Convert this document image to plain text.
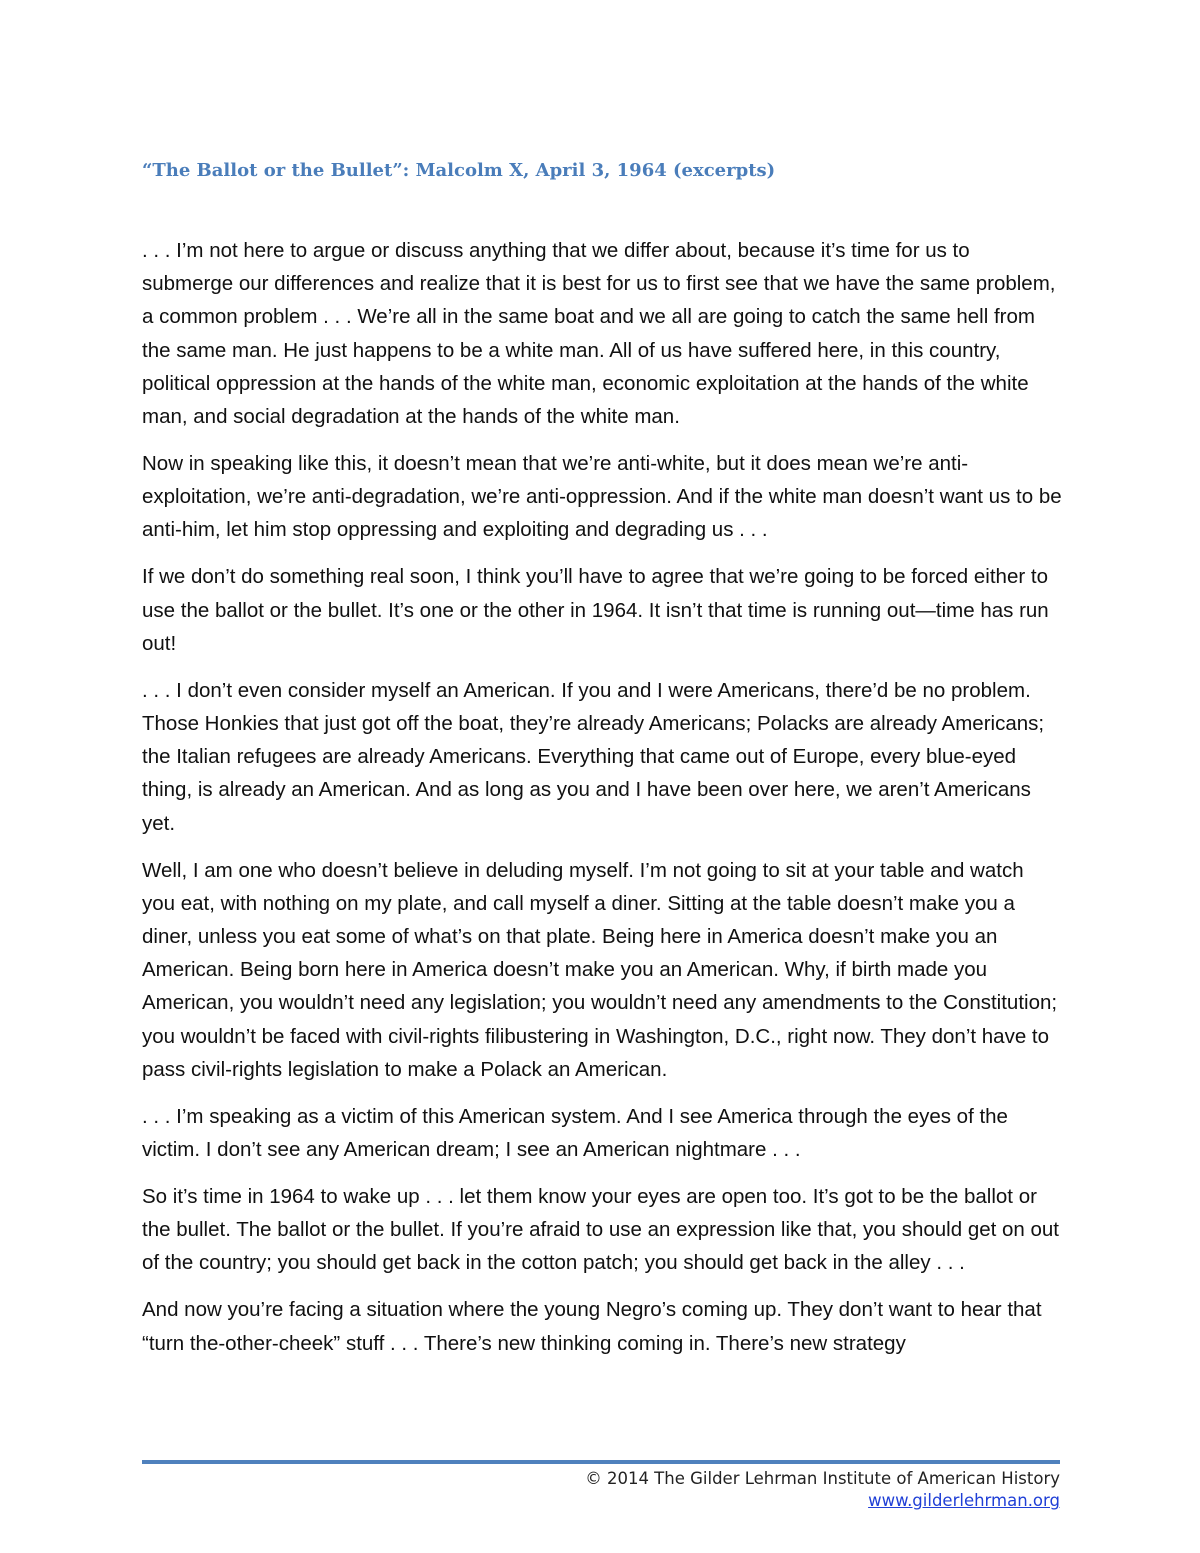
“The Ballot or the Bullet”: Malcolm X, April 3, 1964 (excerpts)

. . . I’m not here to argue or discuss anything that we differ about, because it’s time for us to submerge our differences and realize that it is best for us to first see that we have the same problem, a common problem . . . We’re all in the same boat and we all are going to catch the same hell from the same man. He just happens to be a white man. All of us have suffered here, in this country, political oppression at the hands of the white man, economic exploitation at the hands of the white man, and social degradation at the hands of the white man.

Now in speaking like this, it doesn’t mean that we’re anti-white, but it does mean we’re anti-exploitation, we’re anti-degradation, we’re anti-oppression. And if the white man doesn’t want us to be anti-him, let him stop oppressing and exploiting and degrading us . . .

If we don’t do something real soon, I think you’ll have to agree that we’re going to be forced either to use the ballot or the bullet. It’s one or the other in 1964. It isn’t that time is running out—time has run out!

. . . I don’t even consider myself an American. If you and I were Americans, there’d be no problem. Those Honkies that just got off the boat, they’re already Americans; Polacks are already Americans; the Italian refugees are already Americans. Everything that came out of Europe, every blue-eyed thing, is already an American. And as long as you and I have been over here, we aren’t Americans yet.

Well, I am one who doesn’t believe in deluding myself. I’m not going to sit at your table and watch you eat, with nothing on my plate, and call myself a diner. Sitting at the table doesn’t make you a diner, unless you eat some of what’s on that plate. Being here in America doesn’t make you an American. Being born here in America doesn’t make you an American. Why, if birth made you American, you wouldn’t need any legislation; you wouldn’t need any amendments to the Constitution; you wouldn’t be faced with civil-rights filibustering in Washington, D.C., right now. They don’t have to pass civil-rights legislation to make a Polack an American.

. . . I’m speaking as a victim of this American system. And I see America through the eyes of the victim. I don’t see any American dream; I see an American nightmare . . .

So it’s time in 1964 to wake up . . . let them know your eyes are open too. It’s got to be the ballot or the bullet. The ballot or the bullet. If you’re afraid to use an expression like that, you should get on out of the country; you should get back in the cotton patch; you should get back in the alley . . .

And now you’re facing a situation where the young Negro’s coming up. They don’t want to hear that “turn the-other-cheek” stuff . . . There’s new thinking coming in. There’s new strategy

© 2014 The Gilder Lehrman Institute of American History
www.gilderlehrman.org
